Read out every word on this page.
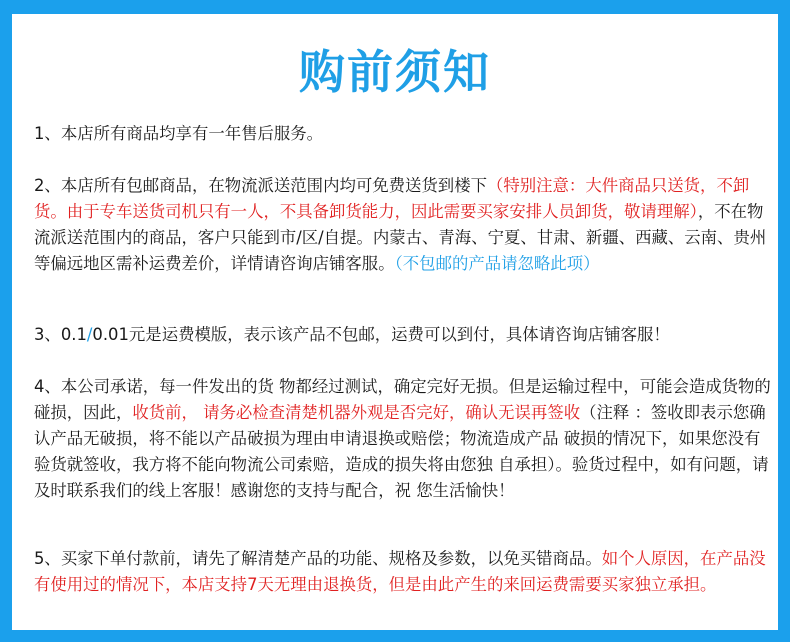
购前须知
1、本店所有商品均享有一年售后服务。
2、本店所有包邮商品，在物流派送范围内均可免费送货到楼下（特别注意：大件商品只送货，不卸货。由于专车送货司机只有一人，不具备卸货能力，因此需要买家安排人员卸货，敬请理解），不在物流派送范围内的商品，客户只能到市/区/自提。内蒙古、青海、宁夏、甘肃、新疆、西藏、云南、贵州等偏远地区需补运费差价，详情请咨询店铺客服。（不包邮的产品请忽略此项）
3、0.1/0.01元是运费模版，表示该产品不包邮，运费可以到付，具体请咨询店铺客服！
4、本公司承诺，每一件发出的货 物都经过测试，确定完好无损。但是运输过程中，可能会造成货物的碰损，因此，收货前， 请务必检查清楚机器外观是否完好，确认无误再签收（注释 ：签收即表示您确认产品无破损，将不能以产品破损为理由申请退换或赔偿；物流造成产品 破损的情况下，如果您没有验货就签收，我方将不能向物流公司索赔，造成的损失将由您独 自承担）。验货过程中，如有问题，请及时联系我们的线上客服！感谢您的支持与配合，祝 您生活愉快！
5、买家下单付款前，请先了解清楚产品的功能、规格及参数，以免买错商品。如个人原因，在产品没有使用过的情况下，本店支持7天无理由退换货，但是由此产生的来回运费需要买家独立承担。
